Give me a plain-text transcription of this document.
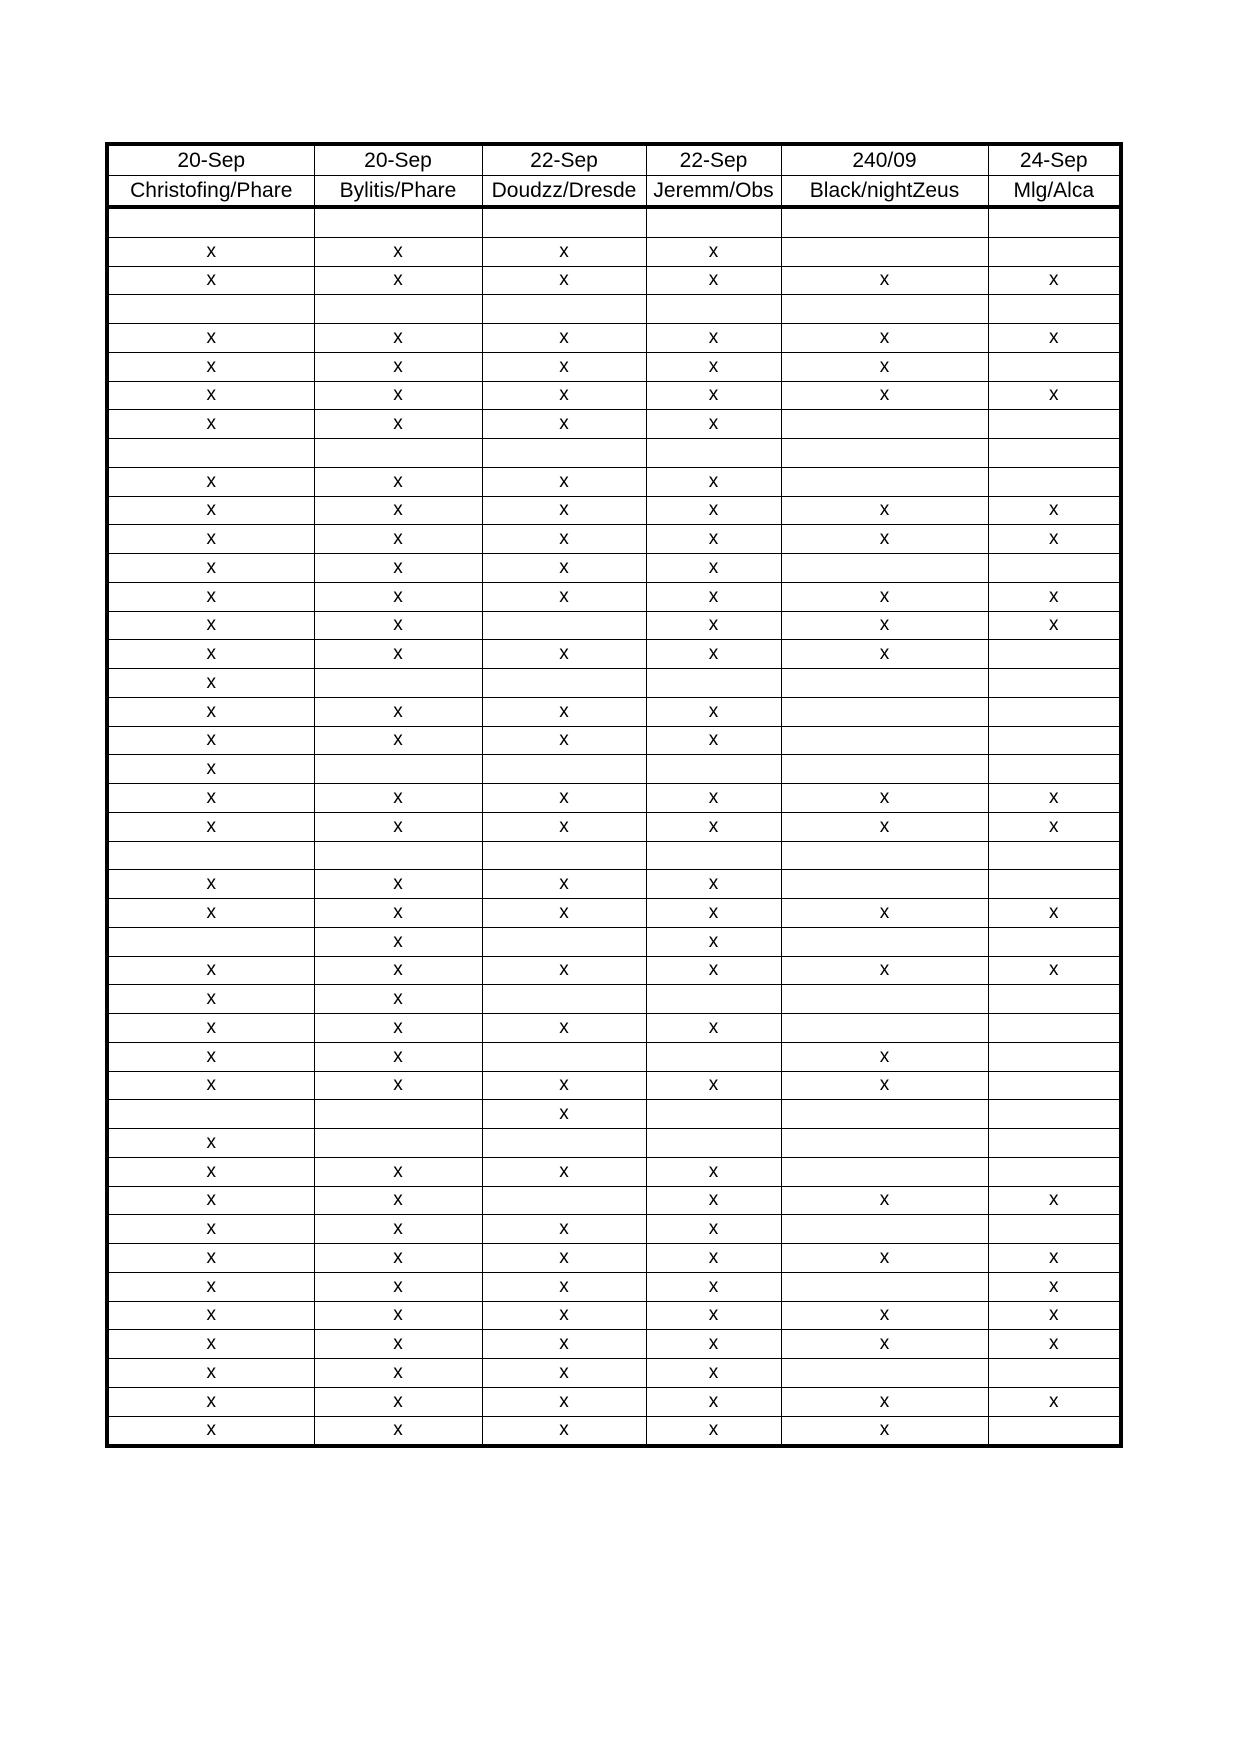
20-Sep	20-Sep	22-Sep	22-Sep	240/09	24-Sep
Christofing/Phare	Bylitis/Phare	Doudzz/Dresde	Jeremm/Obs	Black/nightZeus	Mlg/Alca

x	x	x	x		
x	x	x	x	x	x

x	x	x	x	x	x
x	x	x	x	x	
x	x	x	x	x	x
x	x	x	x		

x	x	x	x		
x	x	x	x	x	x
x	x	x	x	x	x
x	x	x	x		
x	x	x	x	x	x
x	x		x	x	x
x	x	x	x	x	
x					
x	x	x	x		
x	x	x	x		
x					
x	x	x	x	x	x
x	x	x	x	x	x

x	x	x	x		
x	x	x	x	x	x
	x		x		
x	x	x	x	x	x
x	x				
x	x	x	x		
x	x			x	
x	x	x	x	x	
		x			
x					
x	x	x	x		
x	x		x	x	x
x	x	x	x		
x	x	x	x	x	x
x	x	x	x		x
x	x	x	x	x	x
x	x	x	x	x	x
x	x	x	x		
x	x	x	x	x	x
x	x	x	x	x	
